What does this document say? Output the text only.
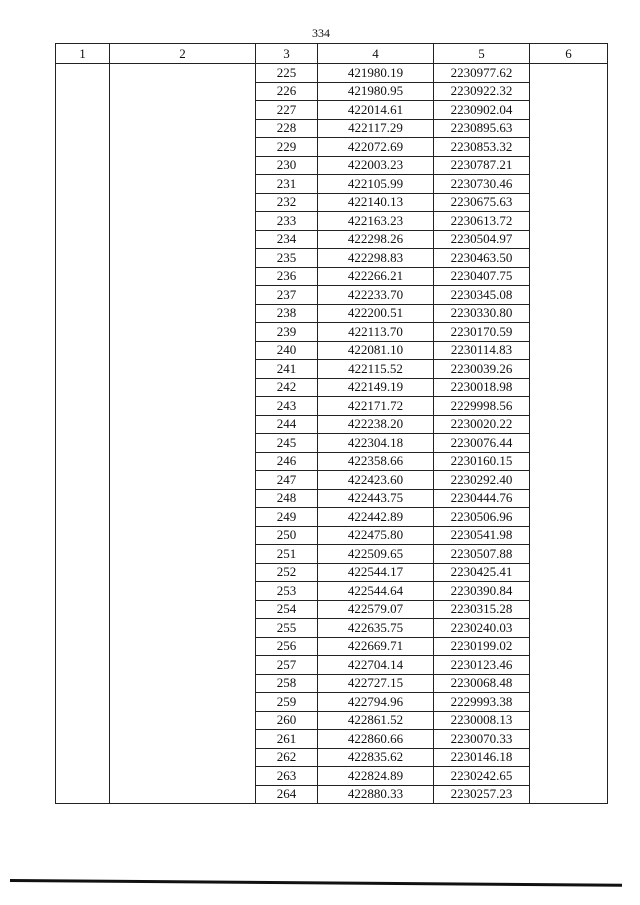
334
1	2	3	4	5	6
		225	421980.19	2230977.62	
		226	421980.95	2230922.32	
		227	422014.61	2230902.04	
		228	422117.29	2230895.63	
		229	422072.69	2230853.32	
		230	422003.23	2230787.21	
		231	422105.99	2230730.46	
		232	422140.13	2230675.63	
		233	422163.23	2230613.72	
		234	422298.26	2230504.97	
		235	422298.83	2230463.50	
		236	422266.21	2230407.75	
		237	422233.70	2230345.08	
		238	422200.51	2230330.80	
		239	422113.70	2230170.59	
		240	422081.10	2230114.83	
		241	422115.52	2230039.26	
		242	422149.19	2230018.98	
		243	422171.72	2229998.56	
		244	422238.20	2230020.22	
		245	422304.18	2230076.44	
		246	422358.66	2230160.15	
		247	422423.60	2230292.40	
		248	422443.75	2230444.76	
		249	422442.89	2230506.96	
		250	422475.80	2230541.98	
		251	422509.65	2230507.88	
		252	422544.17	2230425.41	
		253	422544.64	2230390.84	
		254	422579.07	2230315.28	
		255	422635.75	2230240.03	
		256	422669.71	2230199.02	
		257	422704.14	2230123.46	
		258	422727.15	2230068.48	
		259	422794.96	2229993.38	
		260	422861.52	2230008.13	
		261	422860.66	2230070.33	
		262	422835.62	2230146.18	
		263	422824.89	2230242.65	
		264	422880.33	2230257.23	
